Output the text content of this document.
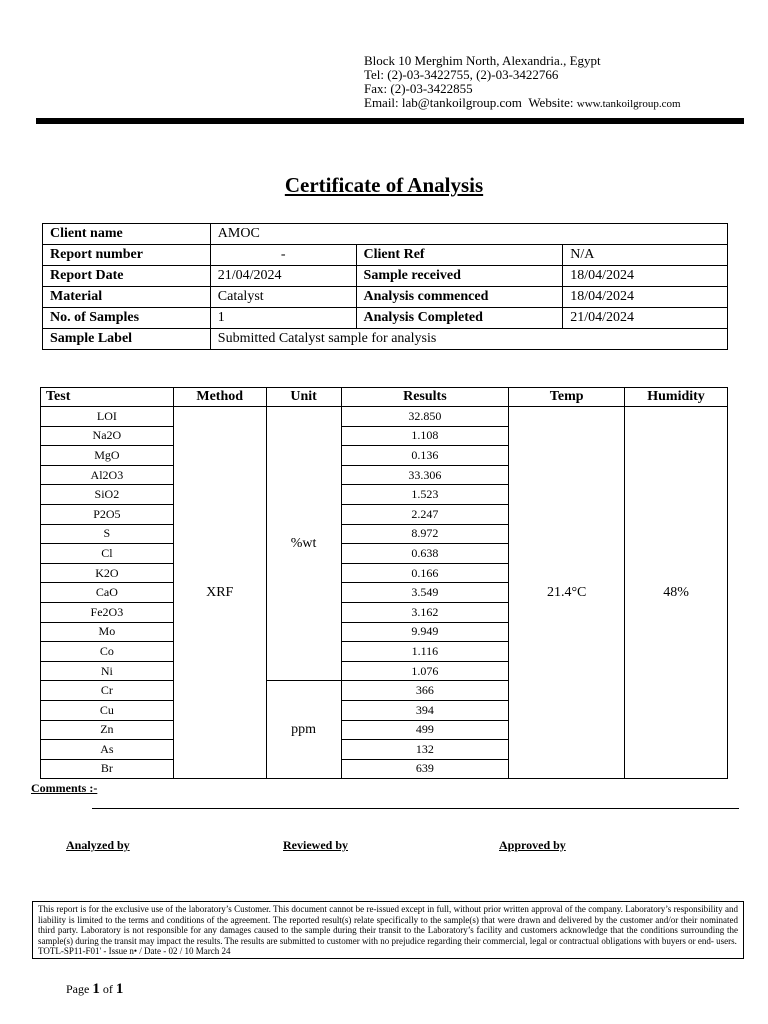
Block 10 Merghim North, Alexandria., Egypt
Tel: (2)-03-3422755, (2)-03-3422766
Fax: (2)-03-3422855
Email: lab@tankoilgroup.com Website: www.tankoilgroup.com
Certificate of Analysis
Client name	AMOC		
Report number	-	Client Ref	N/A
Report Date	21/04/2024	Sample received	18/04/2024
Material	Catalyst	Analysis commenced	18/04/2024
No. of Samples	1	Analysis Completed	21/04/2024
Sample Label	Submitted Catalyst sample for analysis		
Test	Method	Unit	Results	Temp	Humidity
LOI	XRF	%wt	32.850	21.4°C	48%
Na2O			1.108		
MgO			0.136		
Al2O3			33.306		
SiO2			1.523		
P2O5			2.247		
S			8.972		
Cl			0.638		
K2O			0.166		
CaO			3.549		
Fe2O3			3.162		
Mo			9.949		
Co			1.116		
Ni			1.076		
Cr		ppm	366		
Cu			394		
Zn			499		
As			132		
Br			639		
Comments :-
Analyzed by	Reviewed by	Approved by
This report is for the exclusive use of the laboratory’s Customer. This document cannot be re-issued except in full, without prior written approval of the company. Laboratory’s responsibility and liability is limited to the terms and conditions of the agreement. The reported result(s) relate specifically to the sample(s) that were drawn and delivered by the customer and/or their nominated third party. Laboratory is not responsible for any damages caused to the sample during their transit to the Laboratory’s facility and customers acknowledge that the conditions surrounding the sample(s) during the transit may impact the results. The results are submitted to customer with no prejudice regarding their commercial, legal or contractual obligations with buyers or end- users.
TOTL-SP11-F01' - Issue n• / Date - 02 / 10 March 24
Page 1 of 1
